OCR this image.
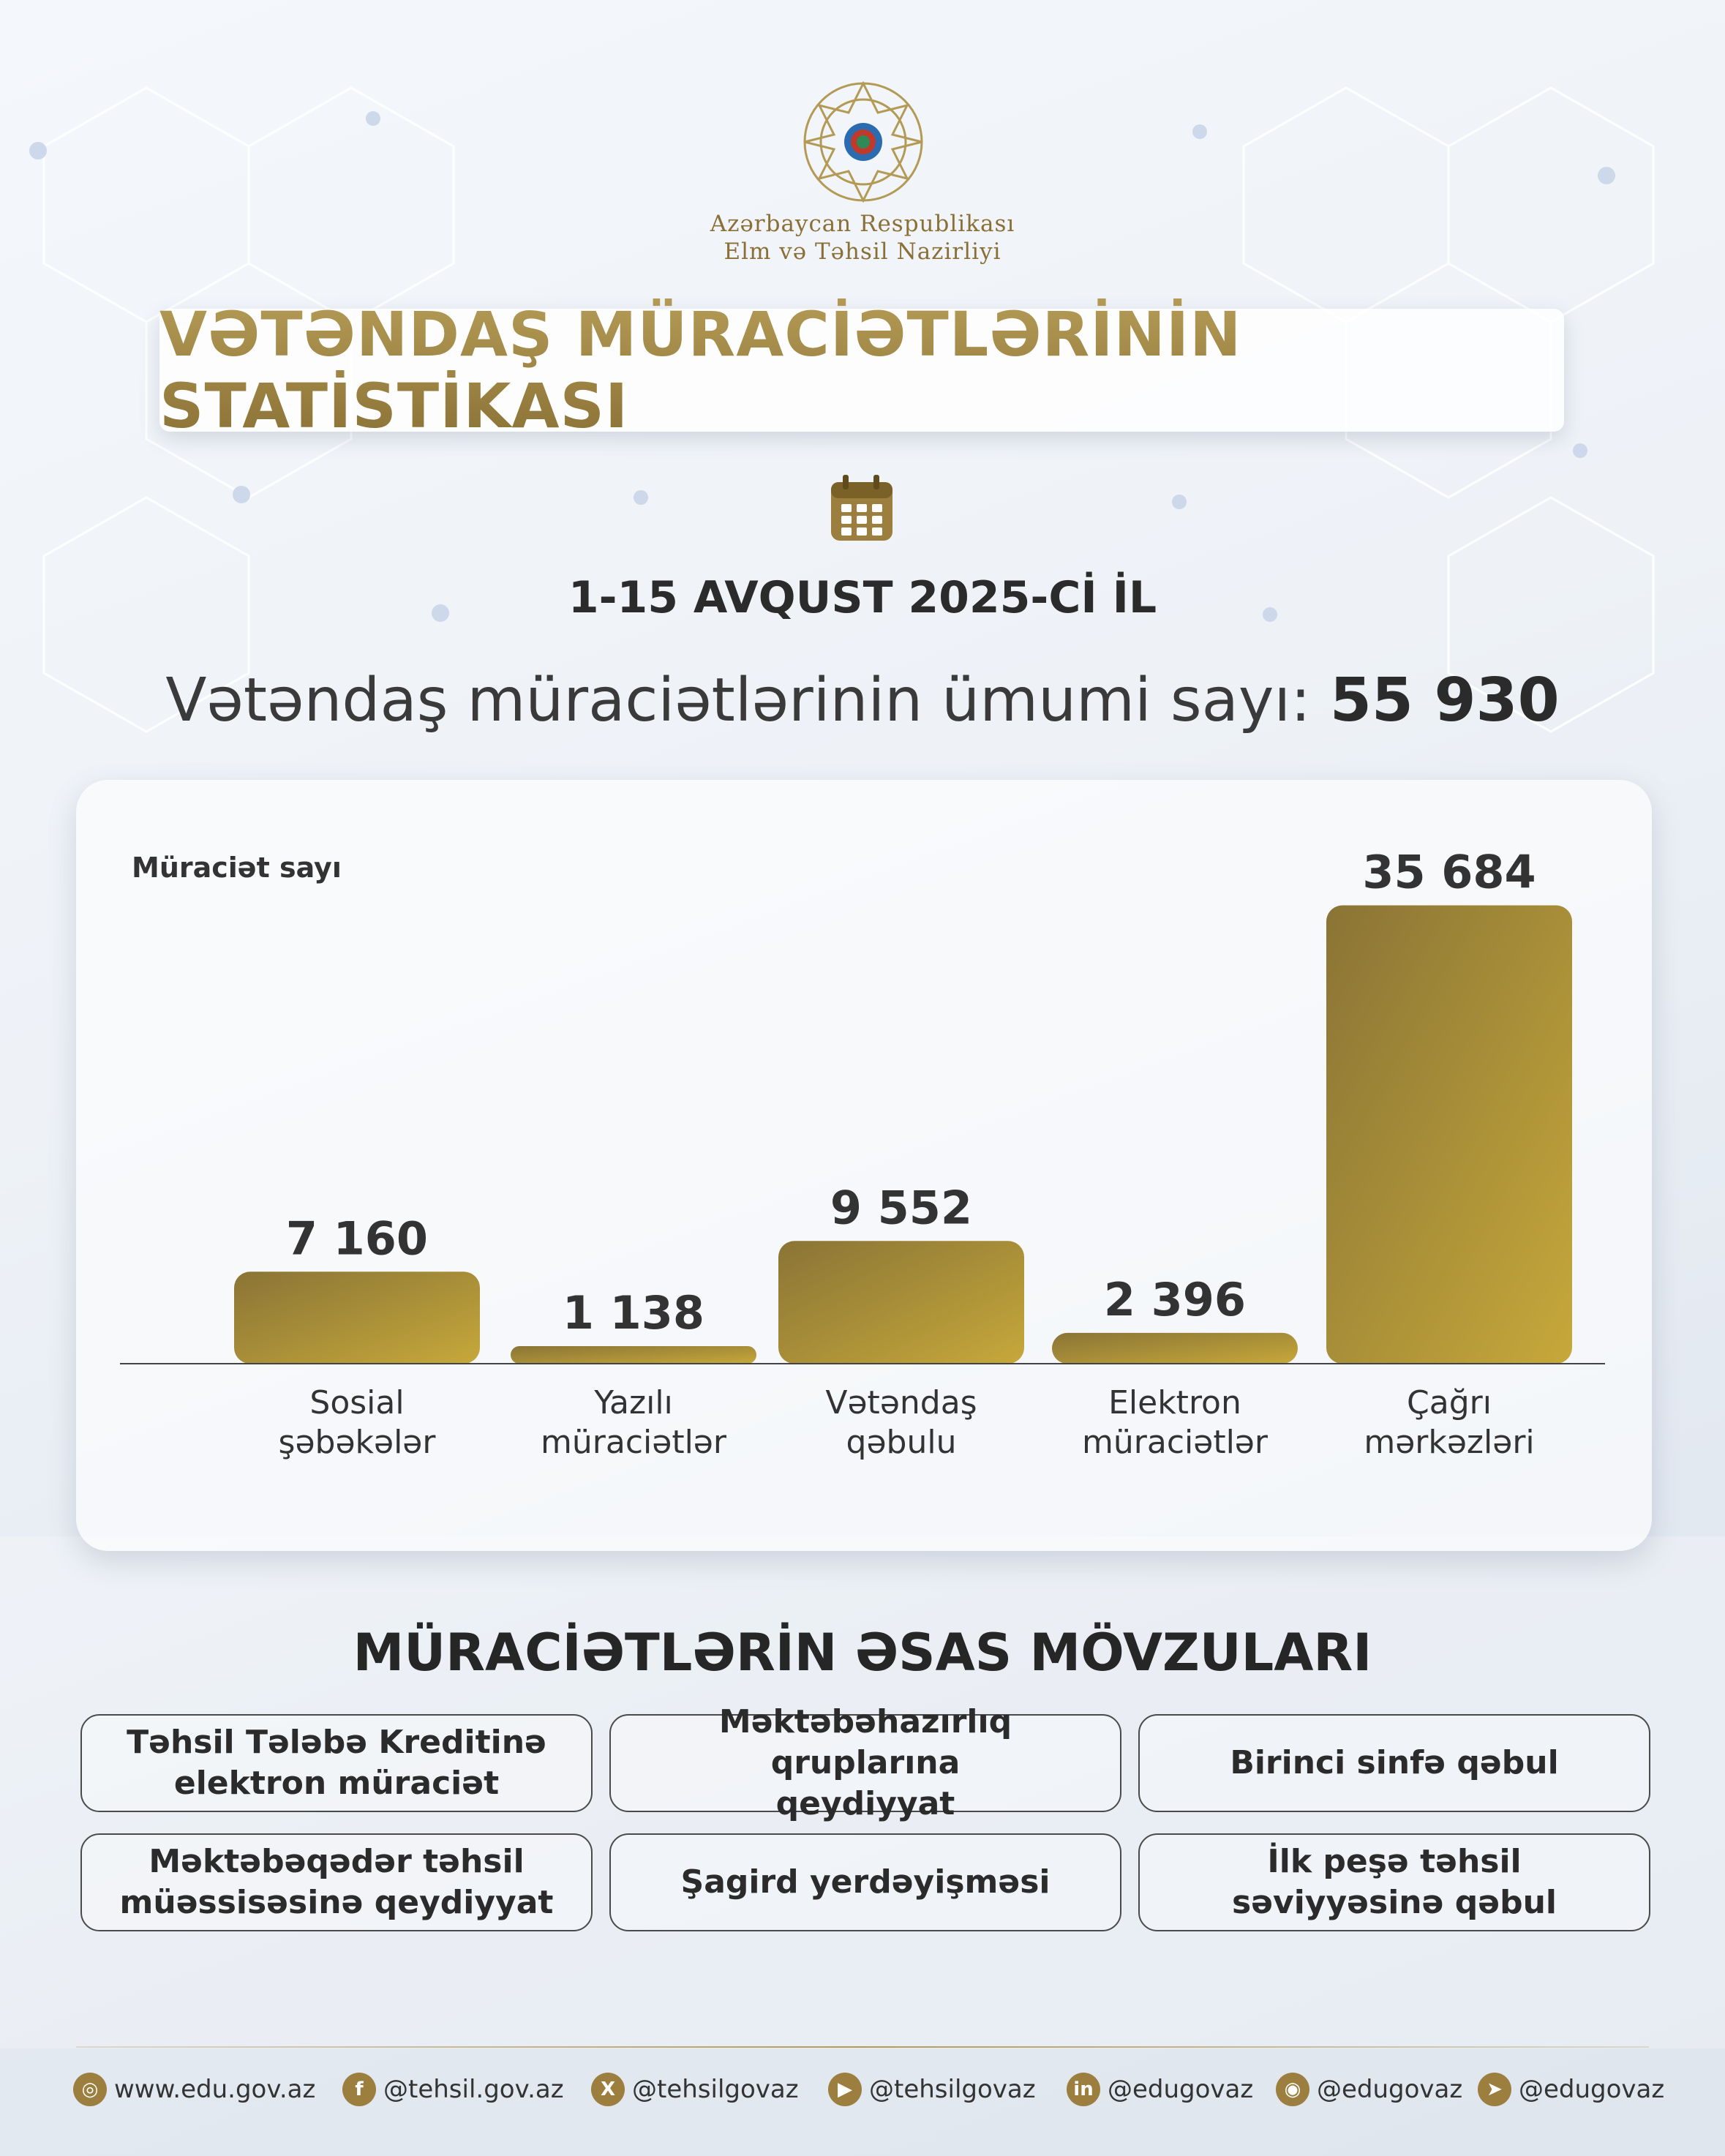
Azərbaycan Respublikası
Elm və Təhsil Nazirliyi
VƏTƏNDAŞ MÜRACİƏTLƏRİNİN STATİSTİKASI
1-15 AVQUST 2025-Cİ İL
Vətəndaş müraciətlərinin ümumi sayı: 55 930
7 160
Sosial
şəbəkələr
1 138
Yazılı
müraciətlər
9 552
Vətəndaş
qəbulu
2 396
Elektron
müraciətlər
35 684
Çağrı
mərkəzləri
Müraciət sayı
MÜRACİƏTLƏRİN ƏSAS MÖVZULARI
Təhsil Tələbə Kreditinə
elektron müraciət
Məktəbəhazırlıq qruplarına
qeydiyyat
Birinci sinfə qəbul
Məktəbəqədər təhsil
müəssisəsinə qeydiyyat
Şagird yerdəyişməsi
İlk peşə təhsil
səviyyəsinə qəbul
◎ www.edu.gov.az	f @tehsil.gov.az	X @tehsilgovaz	▶ @tehsilgovaz	in @edugovaz	◉ @edugovaz	➤ @edugovaz
